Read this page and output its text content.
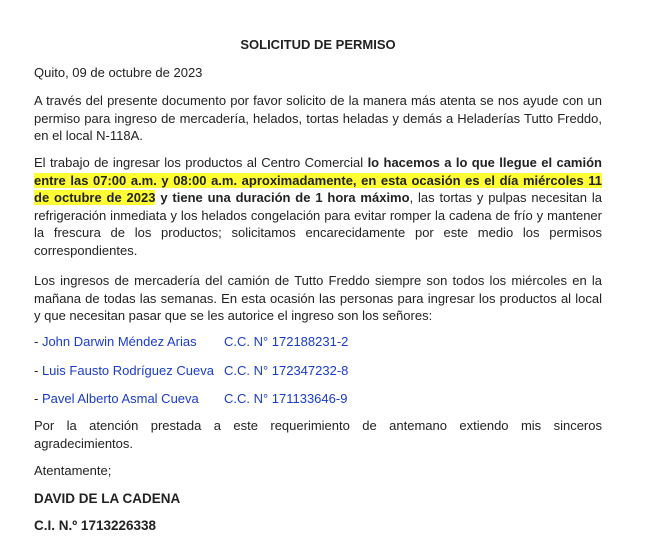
SOLICITUD DE PERMISO
Quito, 09 de octubre de 2023
A través del presente documento por favor solicito de la manera más atenta se nos ayude con un permiso para ingreso de mercadería, helados, tortas heladas y demás a Heladerías Tutto Freddo, en el local N-118A.
El trabajo de ingresar los productos al Centro Comercial lo hacemos a lo que llegue el camión entre las 07:00 a.m. y 08:00 a.m. aproximadamente, en esta ocasión es el día miércoles 11 de octubre de 2023 y tiene una duración de 1 hora máximo, las tortas y pulpas necesitan la refrigeración inmediata y los helados congelación para evitar romper la cadena de frío y mantener la frescura de los productos; solicitamos encarecidamente por este medio los permisos correspondientes.
Los ingresos de mercadería del camión de Tutto Freddo siempre son todos los miércoles en la mañana de todas las semanas. En esta ocasión las personas para ingresar los productos al local y que necesitan pasar que se les autorice el ingreso son los señores:
- John Darwin Méndez Arias C.C. N° 172188231-2
- Luis Fausto Rodríguez Cueva C.C. N° 172347232-8
- Pavel Alberto Asmal Cueva C.C. N° 171133646-9
Por la atención prestada a este requerimiento de antemano extiendo mis sinceros agradecimientos.
Atentamente;
DAVID DE LA CADENA
C.I. N.º 1713226338
